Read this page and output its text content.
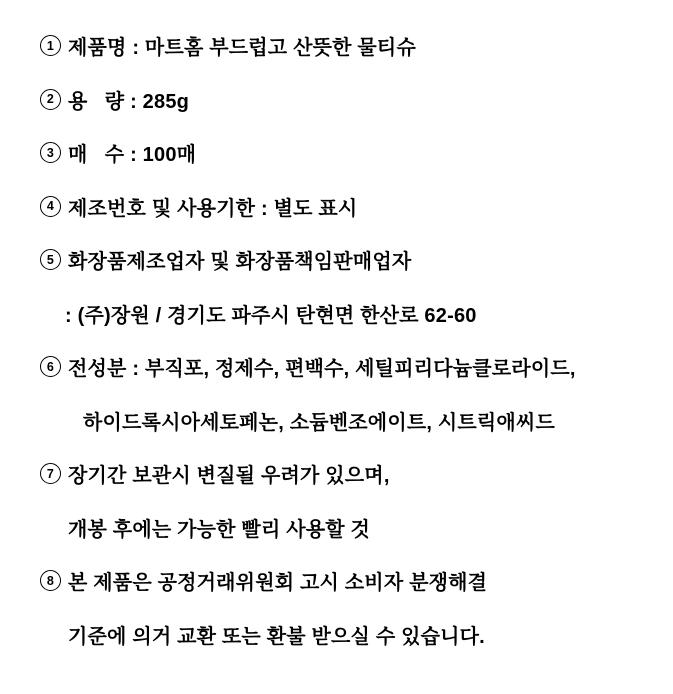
1 제품명 : 마트홈 부드럽고 산뜻한 물티슈
2 용   량 : 285g
3 매   수 : 100매
4 제조번호 및 사용기한 : 별도 표시
5 화장품제조업자 및 화장품책임판매업자
: (주)장원 / 경기도 파주시 탄현면 한산로 62-60
6 전성분 : 부직포, 정제수, 편백수, 세틸피리다늄클로라이드,
하이드록시아세토페논, 소듐벤조에이트, 시트릭애씨드
7 장기간 보관시 변질될 우려가 있으며,
개봉 후에는 가능한 빨리 사용할 것
8 본 제품은 공정거래위원회 고시 소비자 분쟁해결
기준에 의거 교환 또는 환불 받으실 수 있습니다.
